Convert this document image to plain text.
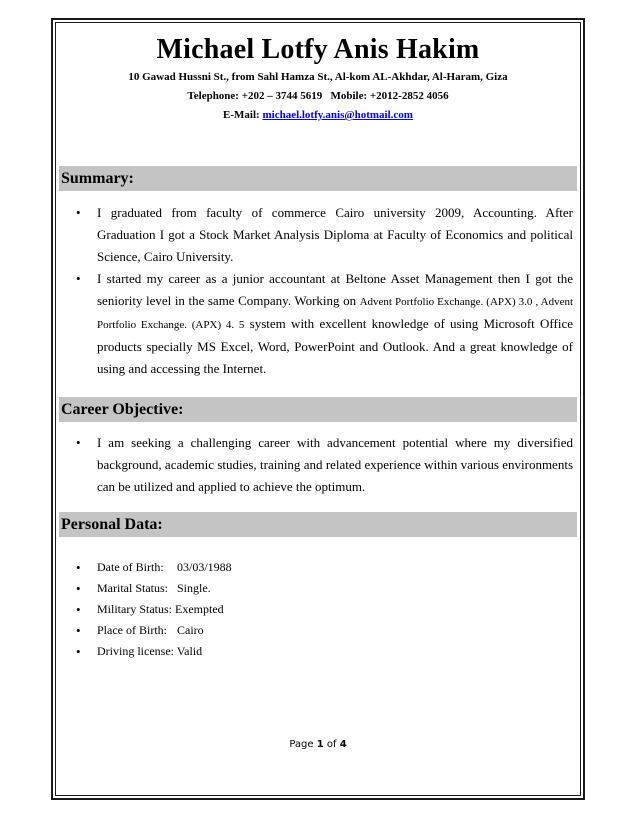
Michael Lotfy Anis Hakim
10 Gawad Hussni St., from Sahl Hamza St., Al-kom AL-Akhdar, Al-Haram, Giza
Telephone: +202 – 3744 5619   Mobile: +2012-2852 4056
E-Mail: michael.lotfy.anis@hotmail.com
Summary:
• I graduated from faculty of commerce Cairo university 2009, Accounting. After Graduation I got a Stock Market Analysis Diploma at Faculty of Economics and political Science, Cairo University.
• I started my career as a junior accountant at Beltone Asset Management then I got the seniority level in the same Company. Working on Advent Portfolio Exchange. (APX) 3.0 , Advent Portfolio Exchange. (APX) 4. 5 system with excellent knowledge of using Microsoft Office products specially MS Excel, Word, PowerPoint and Outlook. And a great knowledge of using and accessing the Internet.
Career Objective:
• I am seeking a challenging career with advancement potential where my diversified background, academic studies, training and related experience within various environments can be utilized and applied to achieve the optimum.
Personal Data:
• Date of Birth: 03/03/1988
• Marital Status: Single.
• Military Status: Exempted
• Place of Birth: Cairo
• Driving license: Valid
Page 1 of 4
